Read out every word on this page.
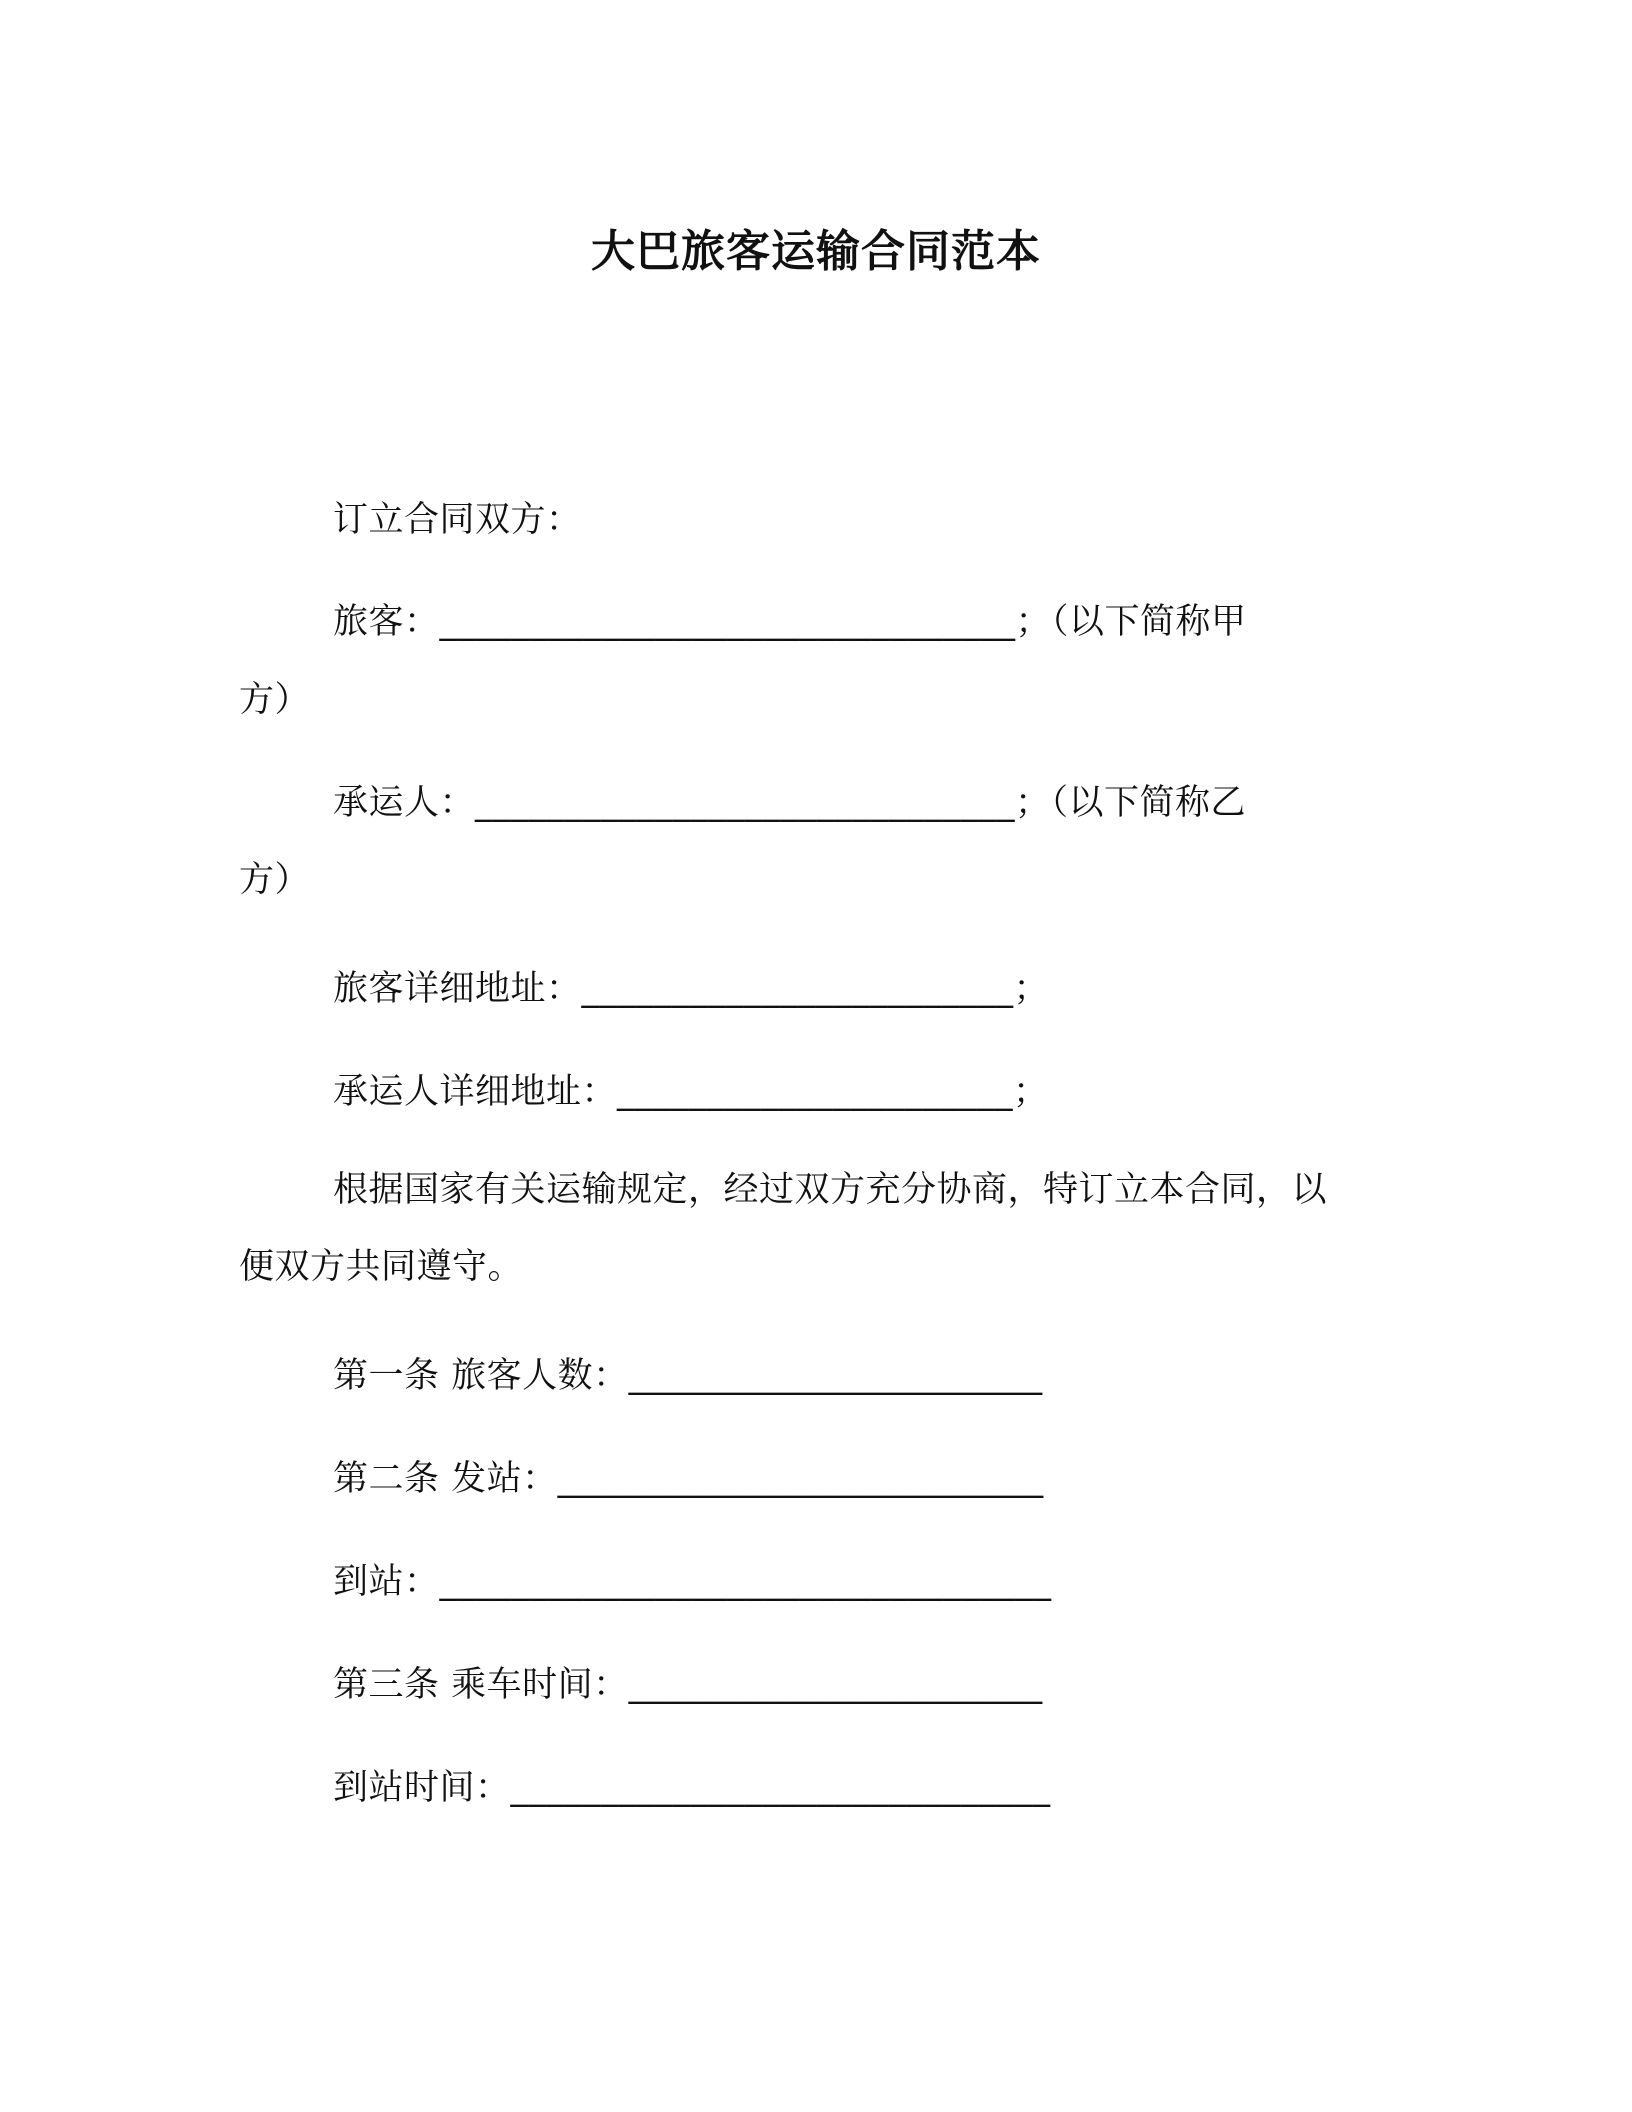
大巴旅客运输合同范本
订立合同双方：
旅客：________________________________；（以下简称甲
方）
承运人：______________________________；（以下简称乙
方）
旅客详细地址：________________________；
承运人详细地址：______________________；
根据国家有关运输规定，经过双方充分协商，特订立本合同，以
便双方共同遵守。
第一条 旅客人数：_______________________
第二条 发站：___________________________
到站：__________________________________
第三条 乘车时间：_______________________
到站时间：______________________________
